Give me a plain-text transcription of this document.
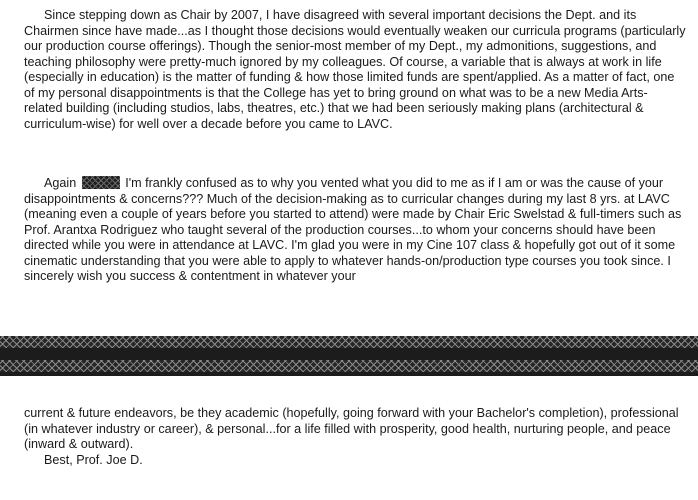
Since stepping down as Chair by 2007, I have disagreed with several important decisions the Dept. and its Chairmen since have made...as I thought those decisions would eventually weaken our curricula programs (particularly our production course offerings). Though the senior-most member of my Dept., my admonitions, suggestions, and teaching philosophy were pretty-much ignored by my colleagues. Of course, a variable that is always at work in life (especially in education) is the matter of funding & how those limited funds are spent/applied. As a matter of fact, one of my personal disappointments is that the College has yet to bring ground on what was to be a new Media Arts-related building (including studios, labs, theatres, etc.) that we had been seriously making plans (architectural & curriculum-wise) for well over a decade before you came to LAVC.

Again	I'm frankly confused as to why you vented what you did to me as if I am or was the cause of your disappointments & concerns??? Much of the decision-making as to curricular changes during my last 8 yrs. at LAVC (meaning even a couple of years before you started to attend) were made by Chair Eric Swelstad & full-timers such as Prof. Arantxa Rodriguez who taught several of the production courses...to whom your concerns should have been directed while you were in attendance at LAVC. I'm glad you were in my Cine 107 class & hopefully got out of it some cinematic understanding that you were able to apply to whatever hands-on/production type courses you took since. I sincerely wish you success & contentment in whatever your

current & future endeavors, be they academic (hopefully, going forward with your Bachelor's completion), professional (in whatever industry or career), & personal...for a life filled with prosperity, good health, nurturing people, and peace (inward & outward).
Best, Prof. Joe D.
